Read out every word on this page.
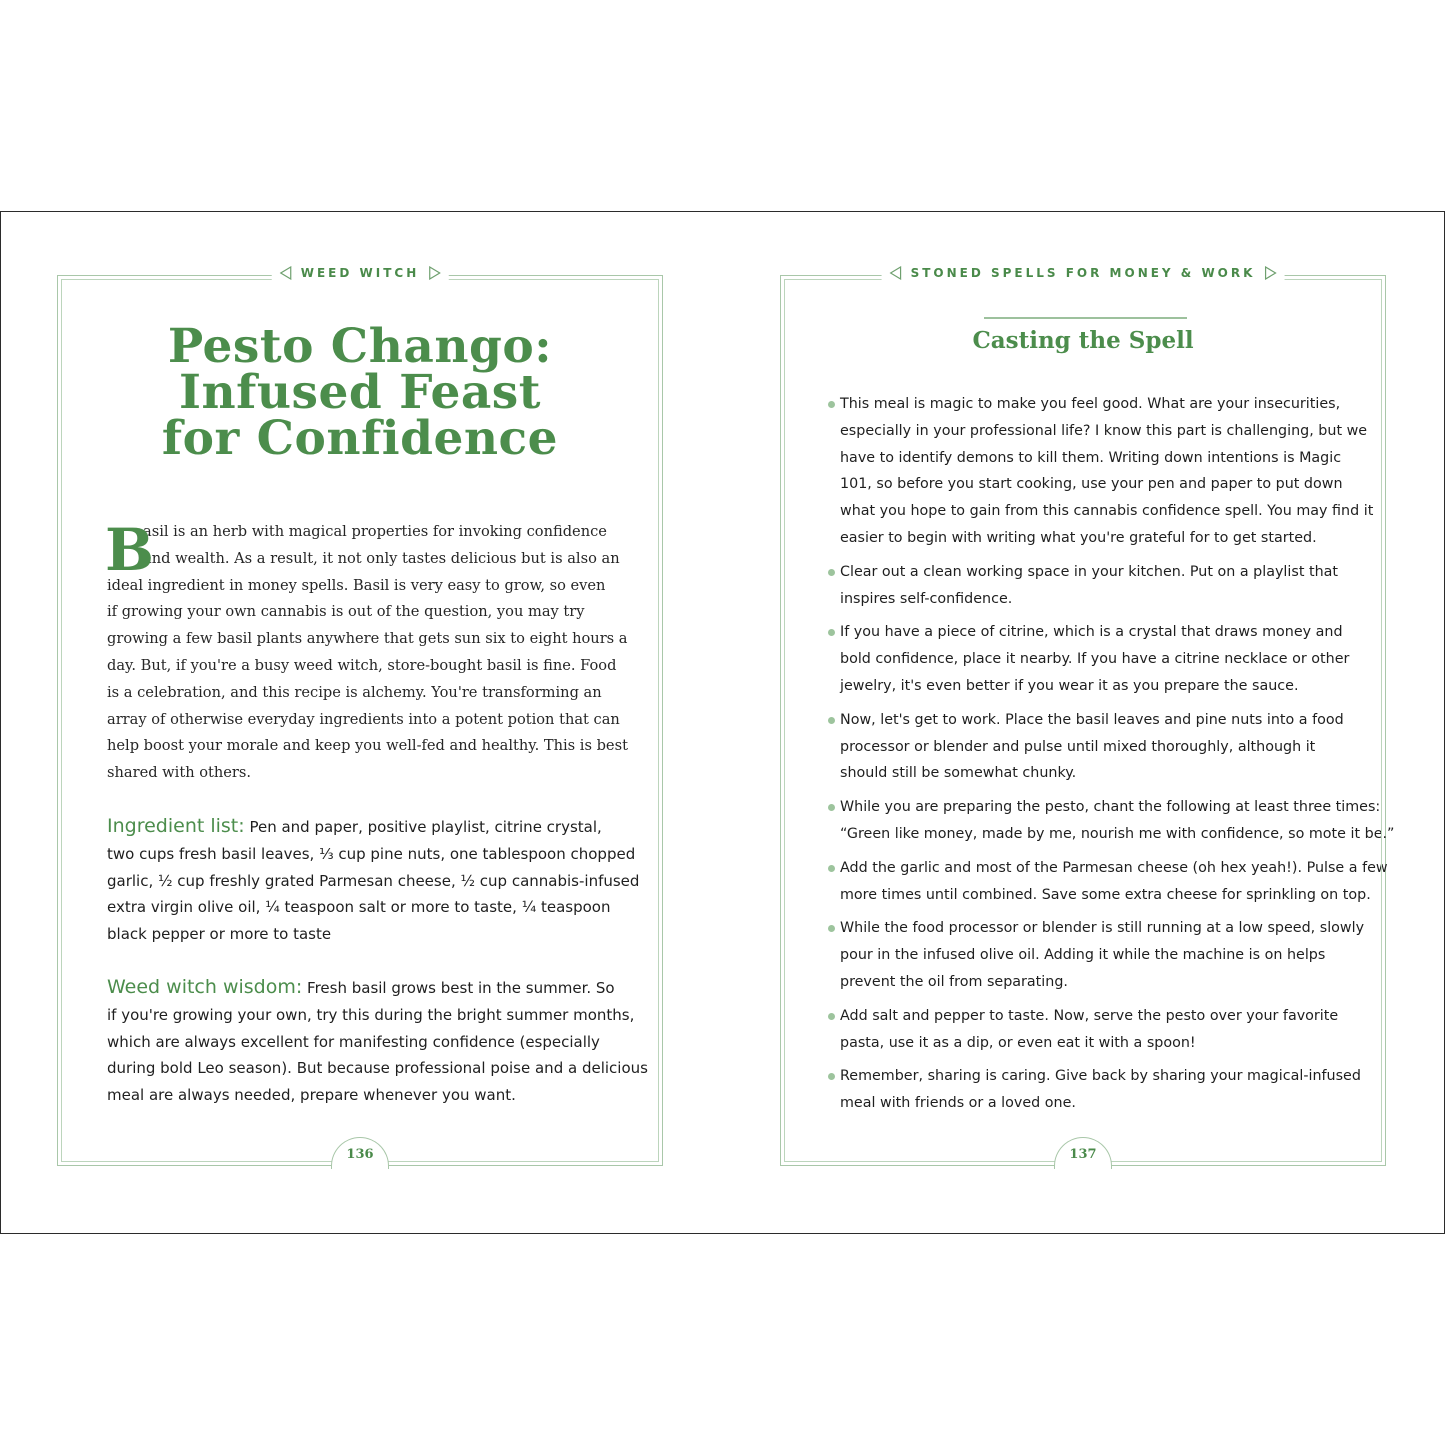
WEED WITCH
Pesto Chango:
Infused Feast
for Confidence
B
asil is an herb with magical properties for invoking confidence
and wealth. As a result, it not only tastes delicious but is also an
ideal ingredient in money spells. Basil is very easy to grow, so even
if growing your own cannabis is out of the question, you may try
growing a few basil plants anywhere that gets sun six to eight hours a
day. But, if you're a busy weed witch, store-bought basil is fine. Food
is a celebration, and this recipe is alchemy. You're transforming an
array of otherwise everyday ingredients into a potent potion that can
help boost your morale and keep you well-fed and healthy. This is best
shared with others.
Ingredient list: Pen and paper, positive playlist, citrine crystal,
two cups fresh basil leaves, ⅓ cup pine nuts, one tablespoon chopped
garlic, ½ cup freshly grated Parmesan cheese, ½ cup cannabis-infused
extra virgin olive oil, ¼ teaspoon salt or more to taste, ¼ teaspoon
black pepper or more to taste
Weed witch wisdom: Fresh basil grows best in the summer. So
if you're growing your own, try this during the bright summer months,
which are always excellent for manifesting confidence (especially
during bold Leo season). But because professional poise and a delicious
meal are always needed, prepare whenever you want.
136
STONED SPELLS FOR MONEY & WORK
Casting the Spell
This meal is magic to make you feel good. What are your insecurities,
especially in your professional life? I know this part is challenging, but we
have to identify demons to kill them. Writing down intentions is Magic
101, so before you start cooking, use your pen and paper to put down
what you hope to gain from this cannabis confidence spell. You may find it
easier to begin with writing what you're grateful for to get started.
Clear out a clean working space in your kitchen. Put on a playlist that
inspires self-confidence.
If you have a piece of citrine, which is a crystal that draws money and
bold confidence, place it nearby. If you have a citrine necklace or other
jewelry, it's even better if you wear it as you prepare the sauce.
Now, let's get to work. Place the basil leaves and pine nuts into a food
processor or blender and pulse until mixed thoroughly, although it
should still be somewhat chunky.
While you are preparing the pesto, chant the following at least three times:
“Green like money, made by me, nourish me with confidence, so mote it be.”
Add the garlic and most of the Parmesan cheese (oh hex yeah!). Pulse a few
more times until combined. Save some extra cheese for sprinkling on top.
While the food processor or blender is still running at a low speed, slowly
pour in the infused olive oil. Adding it while the machine is on helps
prevent the oil from separating.
Add salt and pepper to taste. Now, serve the pesto over your favorite
pasta, use it as a dip, or even eat it with a spoon!
Remember, sharing is caring. Give back by sharing your magical-infused
meal with friends or a loved one.
137
